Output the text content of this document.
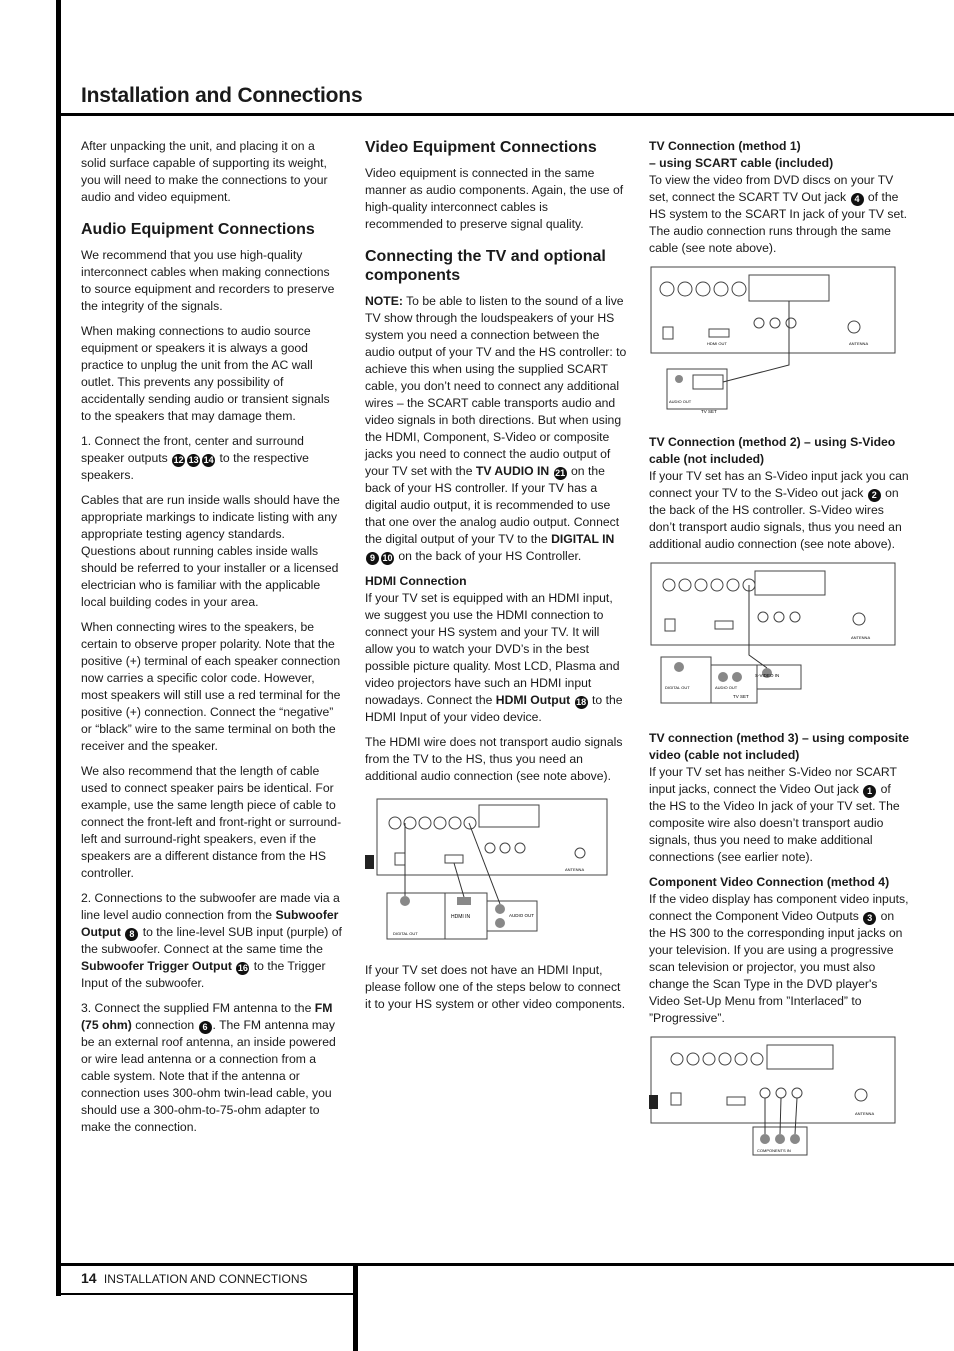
Installation and Connections

After unpacking the unit, and placing it on a solid surface capable of supporting its weight, you will need to make the connections to your audio and video equipment.

Audio Equipment Connections

We recommend that you use high-quality interconnect cables when making connections to source equipment and recorders to preserve the integrity of the signals.

When making connections to audio source equipment or speakers it is always a good practice to unplug the unit from the AC wall outlet. This prevents any possibility of accidentally sending audio or transient signals to the speakers that may damage them.

1. Connect the front, center and surround speaker outputs 12 13 14 to the respective speakers.

Cables that are run inside walls should have the appropriate markings to indicate listing with any appropriate testing agency standards. Questions about running cables inside walls should be referred to your installer or a licensed electrician who is familiar with the applicable local building codes in your area.

When connecting wires to the speakers, be certain to observe proper polarity. Note that the positive (+) terminal of each speaker connection now carries a specific color code. However, most speakers will still use a red terminal for the positive (+) connection. Connect the “negative” or “black” wire to the same terminal on both the receiver and the speaker.

We also recommend that the length of cable used to connect speaker pairs be identical. For example, use the same length piece of cable to connect the front-left and front-right or surround-left and surround-right speakers, even if the speakers are a different distance from the HS controller.

2. Connections to the subwoofer are made via a line level audio connection from the Subwoofer Output 8 to the line-level SUB input (purple) of the subwoofer. Connect at the same time the Subwoofer Trigger Output 16 to the Trigger Input of the subwoofer.

3. Connect the supplied FM antenna to the FM (75 ohm) connection 6 . The FM antenna may be an external roof antenna, an inside powered or wire lead antenna or a connection from a cable system. Note that if the antenna or connection uses 300-ohm twin-lead cable, you should use a 300-ohm-to-75-ohm adapter to make the connection.

Video Equipment Connections

Video equipment is connected in the same manner as audio components. Again, the use of high-quality interconnect cables is recommended to preserve signal quality.

Connecting the TV and optional components

NOTE: To be able to listen to the sound of a live TV show through the loudspeakers of your HS system you need a connection between the audio output of your TV and the HS controller: to achieve this when using the supplied SCART cable, you don’t need to connect any additional wires – the SCART cable transports audio and video signals in both directions. But when using the HDMI, Component, S-Video or composite jacks you need to connect the audio output of your TV set with the TV AUDIO IN 21 on the back of your HS controller. If your TV has a digital audio output, it is recommended to use that one over the analog audio output. Connect the digital output of your TV to the DIGITAL IN 9 10 on the back of your HS Controller.

HDMI Connection

If your TV set is equipped with an HDMI input, we suggest you use the HDMI connection to connect your HS system and your TV. It will allow you to watch your DVD’s in the best possible picture quality. Most LCD, Plasma and video projectors have such an HDMI input nowadays. Connect the HDMI Output 18 to the HDMI Input of your video device.

The HDMI wire does not transport audio signals from the TV to the HS, thus you need an additional audio connection (see note above).

HDMI IN	AUDIO OUT
DIGITAL OUT
ANTENNA

If your TV set does not have an HDMI Input, please follow one of the steps below to connect it to your HS system or other video components.

TV Connection (method 1)
– using SCART cable (included)

To view the video from DVD discs on your TV set, connect the SCART TV Out jack 4 of the HS system to the SCART In jack of your TV set. The audio connection runs through the same cable (see note above).

AUDIO OUT
TV SET
ANTENNA
HDMI OUT
TV Connection (method 2) – using S-Video cable (not included)

If your TV set has an S-Video input jack you can connect your TV to the S-Video out jack 2 on the back of the HS controller. S-Video wires don’t transport audio signals, thus you need an additional audio connection (see note above).

S-VIDEO IN
AUDIO OUT
TV SET
DIGITAL OUT
ANTENNA
TV connection (method 3) – using composite video (cable not included)

If your TV set has neither S-Video nor SCART input jacks, connect the Video Out jack 1 of the HS to the Video In jack of your TV set. The composite wire also doesn’t transport audio signals, thus you need to make additional connections (see earlier note).

Component Video Connection (method 4)

If the video display has component video inputs, connect the Component Video Outputs 3 on the HS 300 to the corresponding input jacks on your television. If you are using a progressive scan television or projector, you must also change the Scan Type in the DVD player's Video Set-Up Menu from ”Interlaced” to ”Progressive”.

COMPONENTS IN
ANTENNA
14 INSTALLATION AND CONNECTIONS
